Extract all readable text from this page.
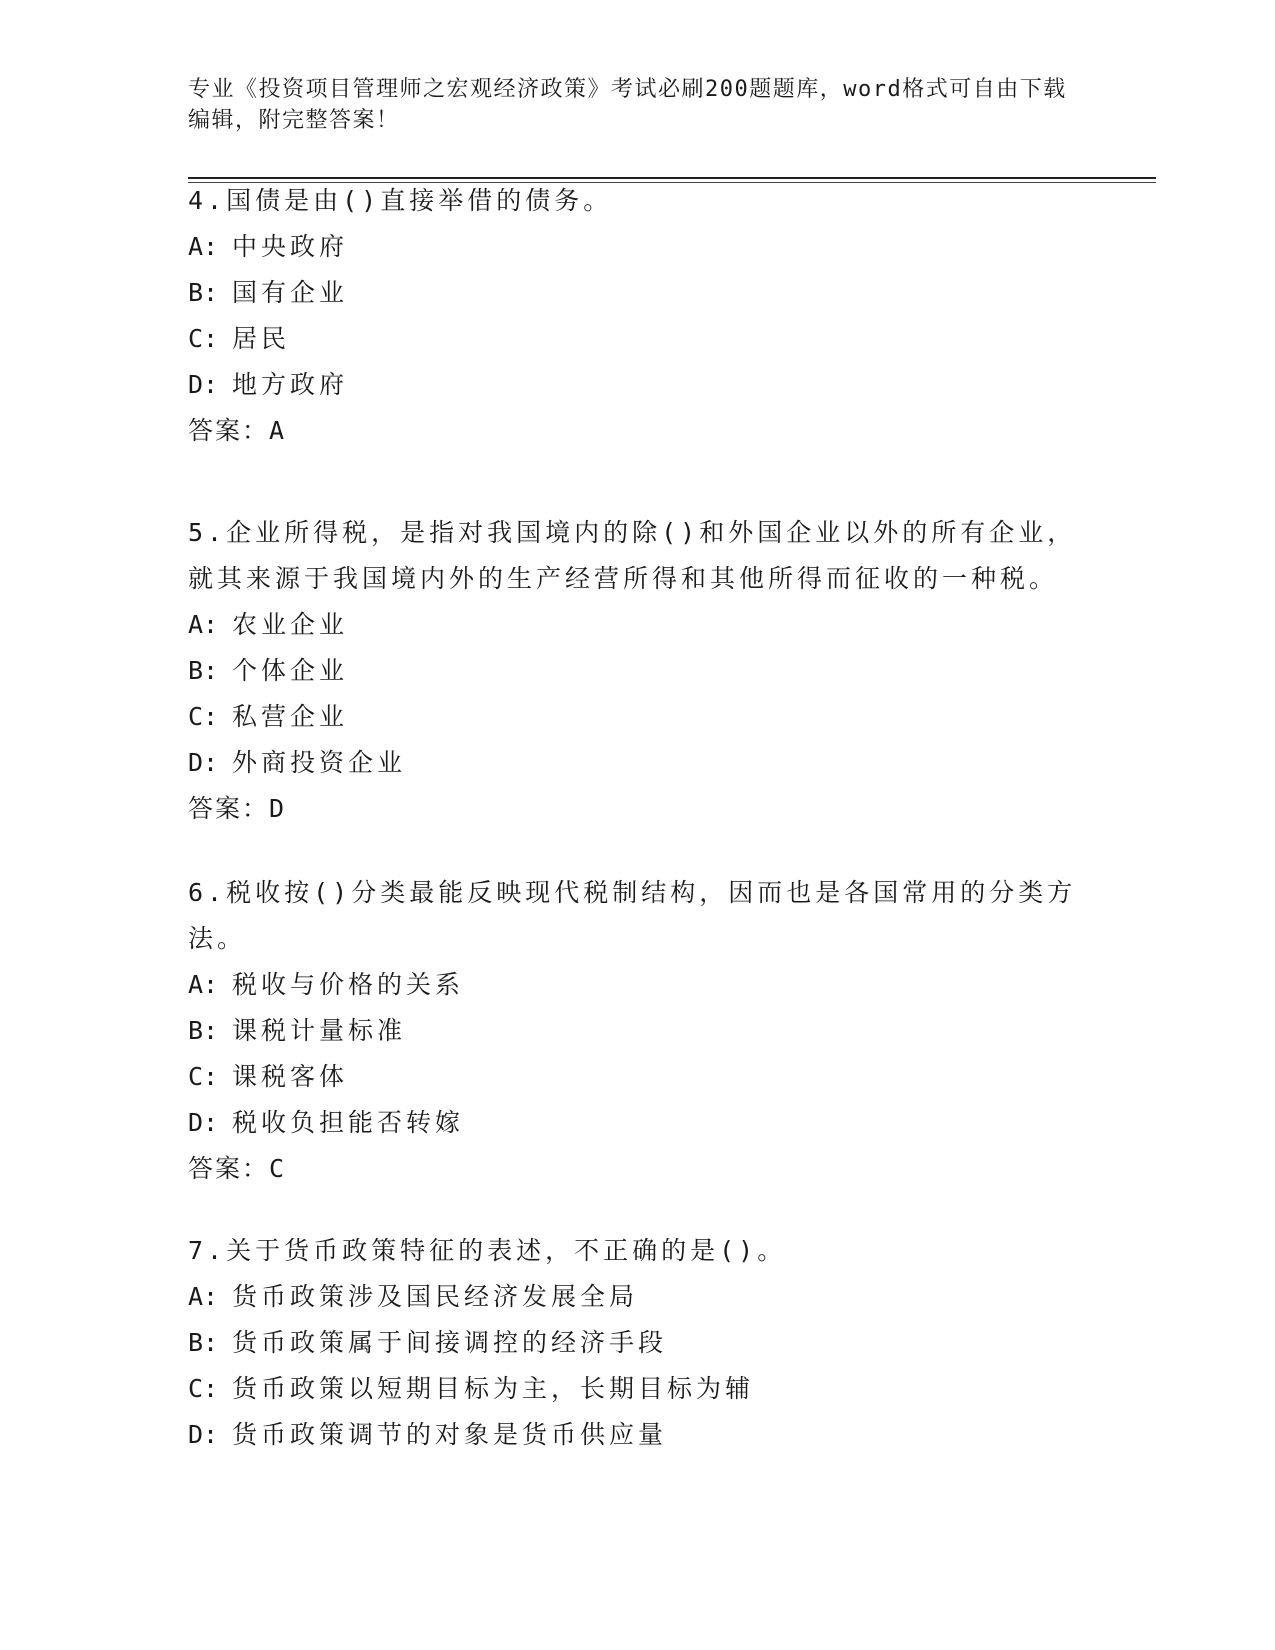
专业《投资项目管理师之宏观经济政策》考试必刷200题题库，word格式可自由下载编辑，附完整答案！
4.国债是由()直接举借的债务。
A: 中央政府
B: 国有企业
C: 居民
D: 地方政府
答案：A
5.企业所得税，是指对我国境内的除()和外国企业以外的所有企业，就其来源于我国境内外的生产经营所得和其他所得而征收的一种税。
A: 农业企业
B: 个体企业
C: 私营企业
D: 外商投资企业
答案：D
6.税收按()分类最能反映现代税制结构，因而也是各国常用的分类方法。
A: 税收与价格的关系
B: 课税计量标准
C: 课税客体
D: 税收负担能否转嫁
答案：C
7.关于货币政策特征的表述，不正确的是()。
A: 货币政策涉及国民经济发展全局
B: 货币政策属于间接调控的经济手段
C: 货币政策以短期目标为主，长期目标为辅
D: 货币政策调节的对象是货币供应量
